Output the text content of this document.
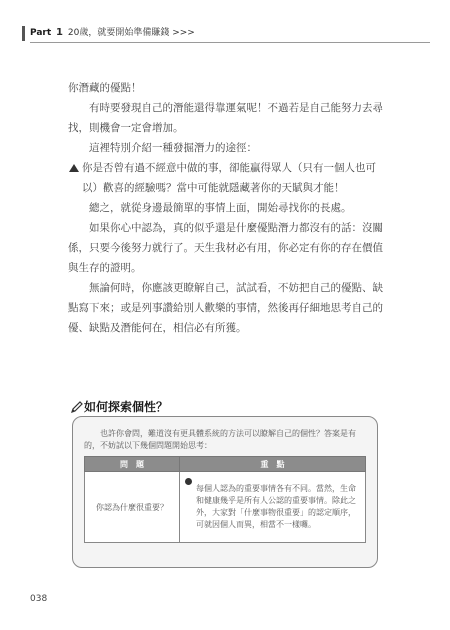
Part 1 20歲，就要開始準備賺錢 >>>

你潛藏的優點！

有時要發現自己的潛能還得靠運氣呢！不過若是自己能努力去尋找，則機會一定會增加。

這裡特別介紹一種發掘潛力的途徑：

你是否曾有過不經意中做的事，卻能贏得眾人（只有一個人也可以）歡喜的經驗嗎？當中可能就隱藏著你的天賦與才能！

總之，就從身邊最簡單的事情上面，開始尋找你的長處。

如果你心中認為，真的似乎還是什麼優點潛力都沒有的話：沒關係，只要今後努力就行了。天生我材必有用，你必定有你的存在價值與生存的證明。

無論何時，你應該更瞭解自己，試試看，不妨把自己的優點、缺點寫下來；或是列事讚給別人歡樂的事情，然後再仔細地思考自己的優、缺點及潛能何在，相信必有所獲。

如何探索個性？
也許你會問，難道沒有更具體系統的方法可以瞭解自己的個性？答案是有的，不妨試以下幾個問題開始思考：
問　題	重　點
你認為什麼很重要？	每個人認為的重要事情各有不同。當然，生命和健康幾乎是所有人公認的重要事情。除此之外，大家對「什麼事物很重要」的認定順序，可就因個人而異，相當不一樣囉。
038
